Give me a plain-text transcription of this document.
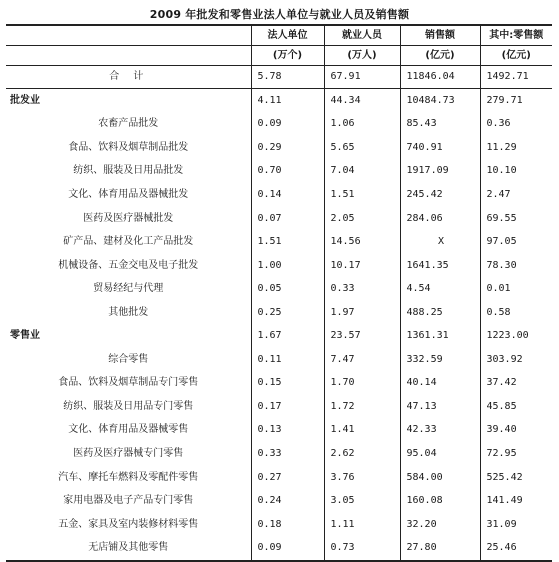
2009 年批发和零售业法人单位与就业人员及销售额
	法人单位	就业人员	销售额	其中:零售额
	(万个)	(万人)	(亿元)	(亿元)
合计	5.78	67.91	11846.04	1492.71
批发业	4.11	44.34	10484.73	279.71
农畜产品批发	0.09	1.06	85.43	0.36
食品、饮料及烟草制品批发	0.29	5.65	740.91	11.29
纺织、服装及日用品批发	0.70	7.04	1917.09	10.10
文化、体育用品及器械批发	0.14	1.51	245.42	2.47
医药及医疗器械批发	0.07	2.05	284.06	69.55
矿产品、建材及化工产品批发	1.51	14.56	X	97.05
机械设备、五金交电及电子批发	1.00	10.17	1641.35	78.30
贸易经纪与代理	0.05	0.33	4.54	0.01
其他批发	0.25	1.97	488.25	0.58
零售业	1.67	23.57	1361.31	1223.00
综合零售	0.11	7.47	332.59	303.92
食品、饮料及烟草制品专门零售	0.15	1.70	40.14	37.42
纺织、服装及日用品专门零售	0.17	1.72	47.13	45.85
文化、体育用品及器械零售	0.13	1.41	42.33	39.40
医药及医疗器械专门零售	0.33	2.62	95.04	72.95
汽车、摩托车燃料及零配件零售	0.27	3.76	584.00	525.42
家用电器及电子产品专门零售	0.24	3.05	160.08	141.49
五金、家具及室内装修材料零售	0.18	1.11	32.20	31.09
无店铺及其他零售	0.09	0.73	27.80	25.46
